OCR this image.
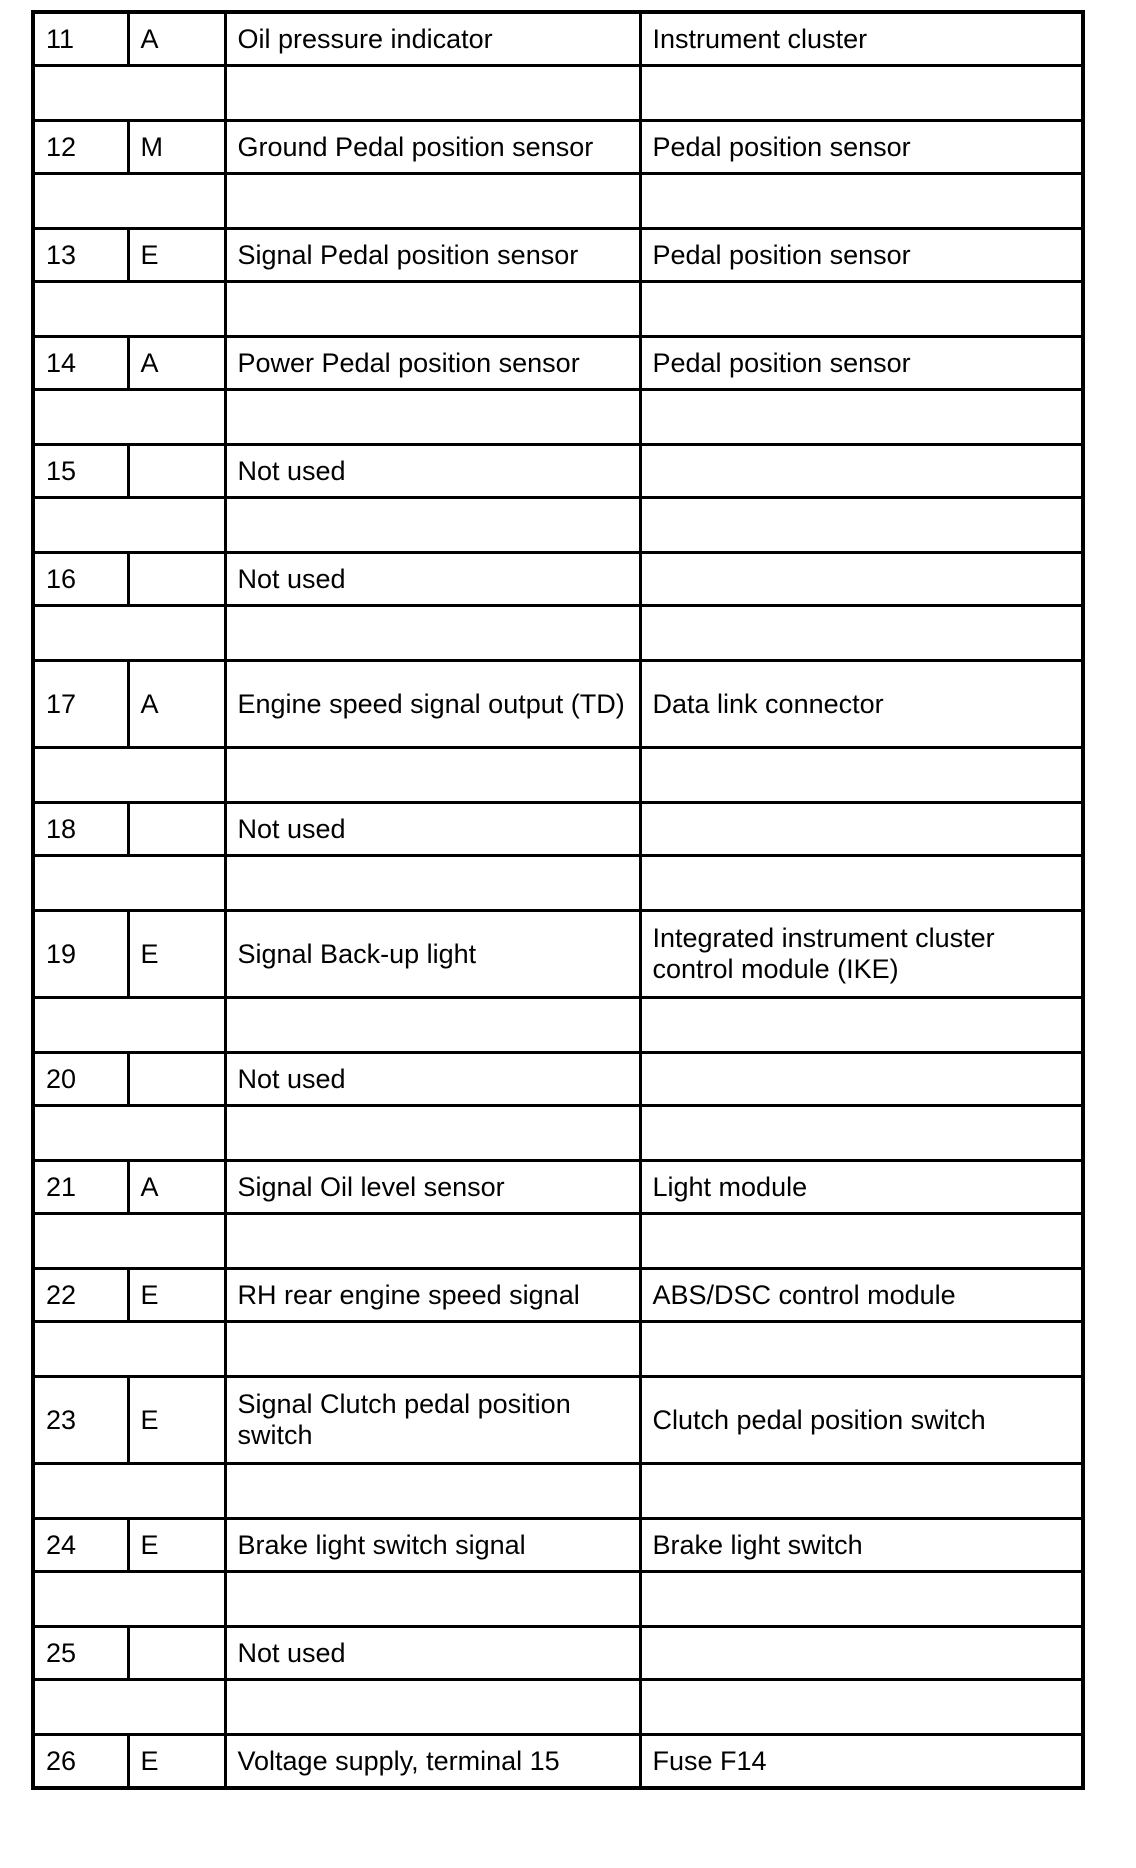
11	A	Oil pressure indicator	Instrument cluster

12	M	Ground Pedal position sensor	Pedal position sensor

13	E	Signal Pedal position sensor	Pedal position sensor

14	A	Power Pedal position sensor	Pedal position sensor

15		Not used	

16		Not used	

17	A	Engine speed signal output (TD)	Data link connector

18		Not used	

19	E	Signal Back-up light	Integrated instrument cluster control module (IKE)

20		Not used	

21	A	Signal Oil level sensor	Light module

22	E	RH rear engine speed signal	ABS/DSC control module

23	E	Signal Clutch pedal position switch	Clutch pedal position switch

24	E	Brake light switch signal	Brake light switch

25		Not used	

26	E	Voltage supply, terminal 15	Fuse F14
